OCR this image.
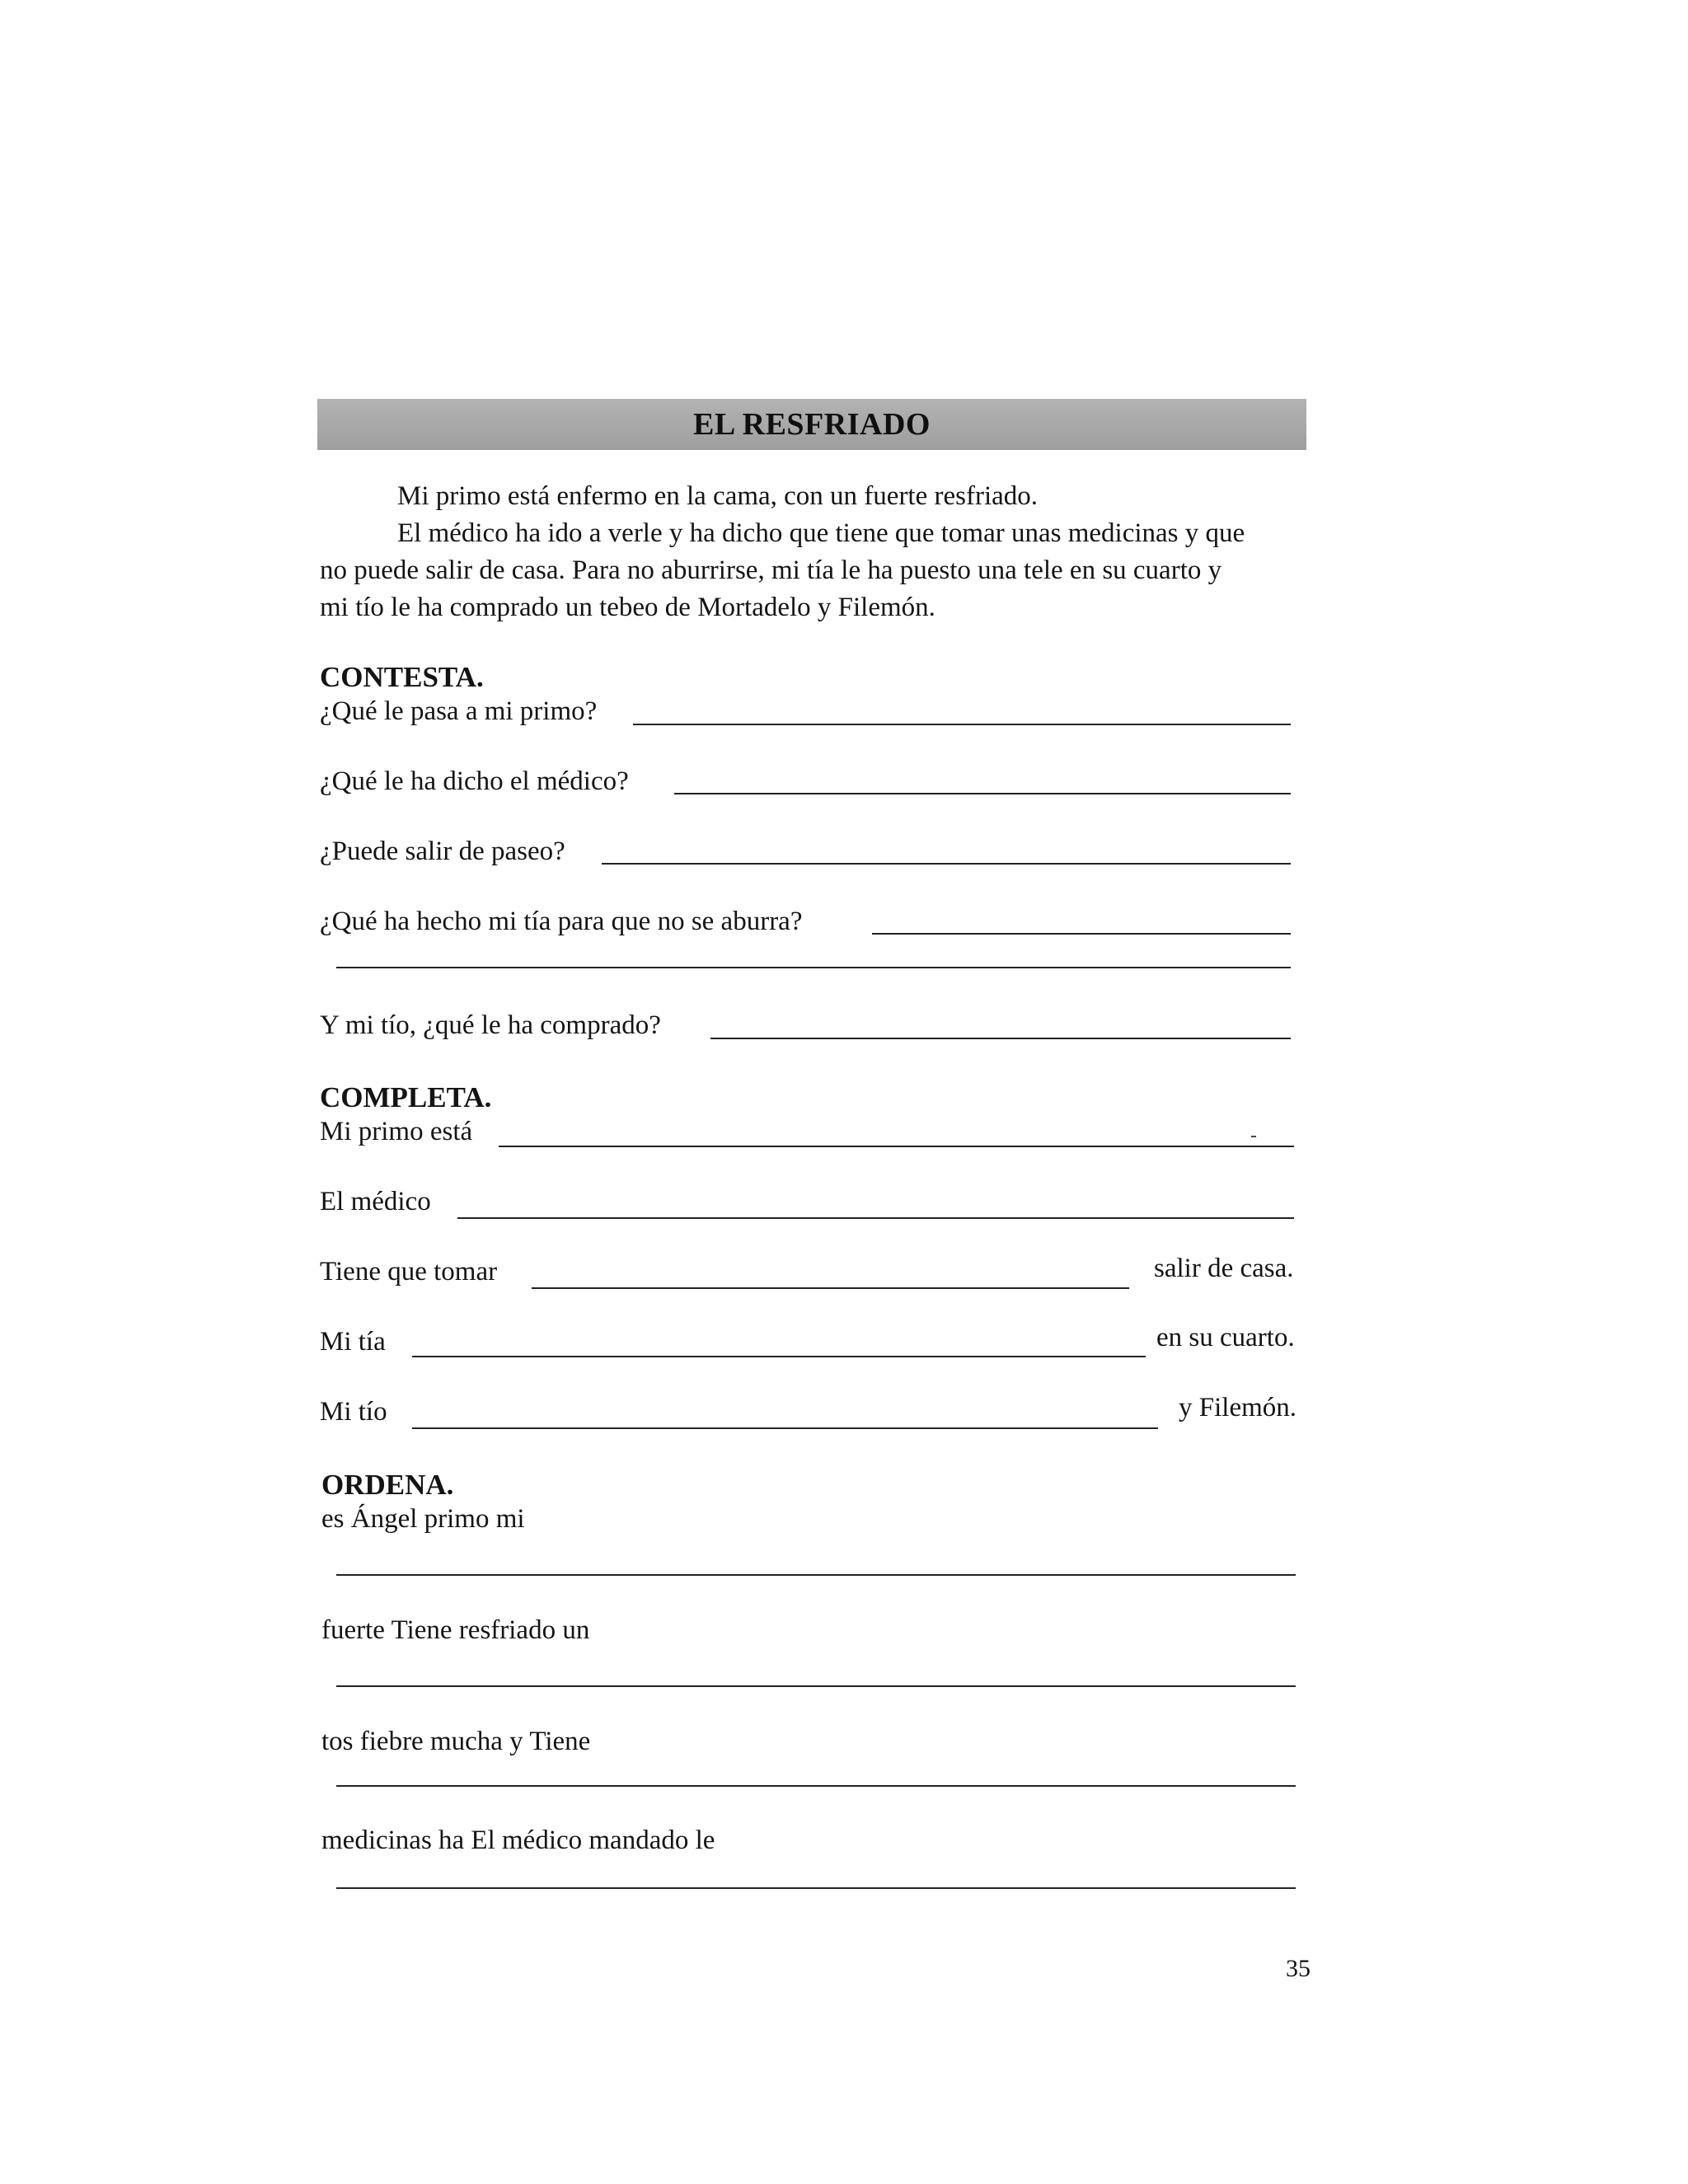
EL RESFRIADO
Mi primo está enfermo en la cama, con un fuerte resfriado.
El médico ha ido a verle y ha dicho que tiene que tomar unas medicinas y que
no puede salir de casa. Para no aburrirse, mi tía le ha puesto una tele en su cuarto y
mi tío le ha comprado un tebeo de Mortadelo y Filemón.
CONTESTA.
¿Qué le pasa a mi primo?
¿Qué le ha dicho el médico?
¿Puede salir de paseo?
¿Qué ha hecho mi tía para que no se aburra?
Y mi tío, ¿qué le ha comprado?
COMPLETA.
Mi primo está
El médico
Tiene que tomar	salir de casa.
Mi tía	en su cuarto.
Mi tío	y Filemón.
ORDENA.
es Ángel primo mi
fuerte Tiene resfriado un
tos fiebre mucha y Tiene
medicinas ha El médico mandado le
35
